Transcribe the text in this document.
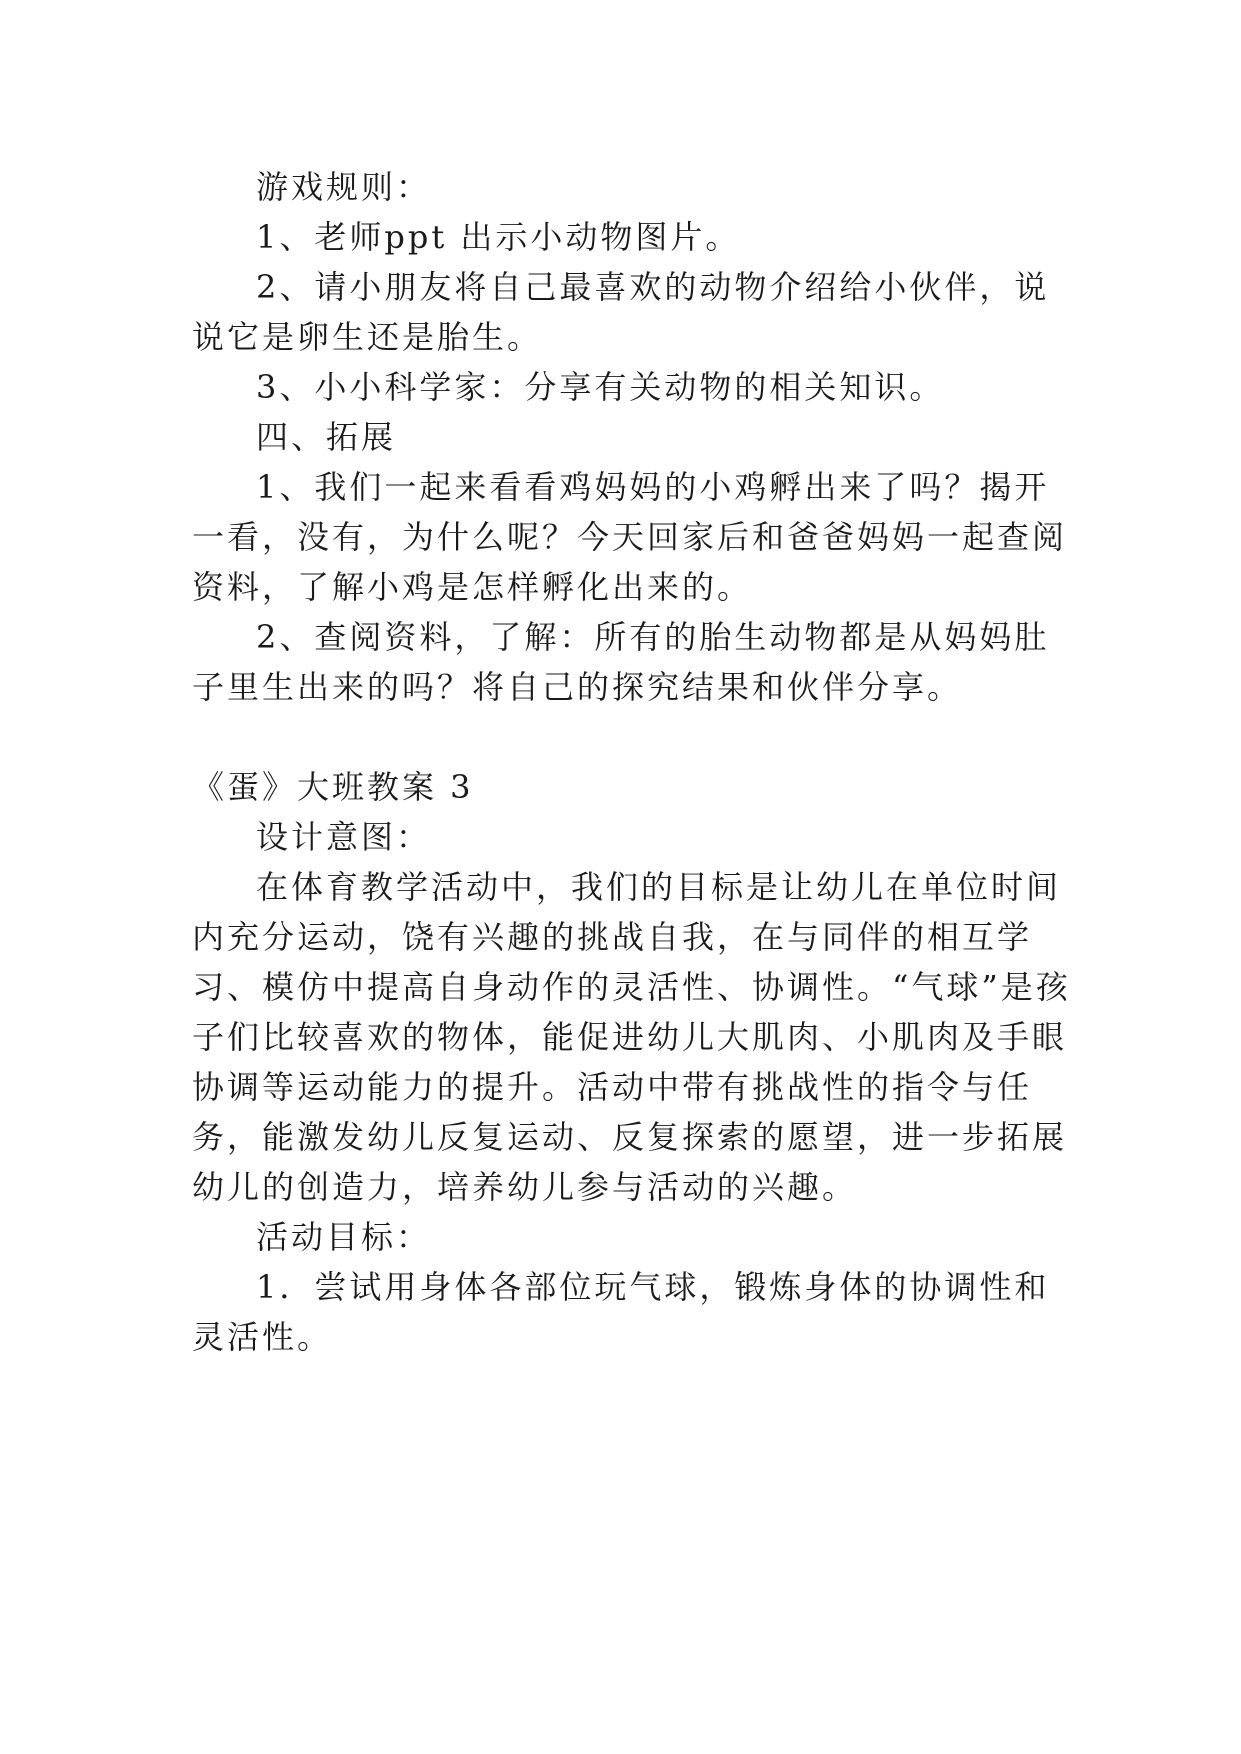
游戏规则：

1、老师ppt 出示小动物图片。

2、请小朋友将自己最喜欢的动物介绍给小伙伴，说说它是卵生还是胎生。

3、小小科学家：分享有关动物的相关知识。

四、拓展

1、我们一起来看看鸡妈妈的小鸡孵出来了吗？揭开一看，没有，为什么呢？今天回家后和爸爸妈妈一起查阅资料，了解小鸡是怎样孵化出来的。

2、查阅资料，了解：所有的胎生动物都是从妈妈肚子里生出来的吗？将自己的探究结果和伙伴分享。

《蛋》大班教案 3

设计意图：

在体育教学活动中，我们的目标是让幼儿在单位时间内充分运动，饶有兴趣的挑战自我，在与同伴的相互学习、模仿中提高自身动作的灵活性、协调性。“气球”是孩子们比较喜欢的物体，能促进幼儿大肌肉、小肌肉及手眼协调等运动能力的提升。活动中带有挑战性的指令与任务，能激发幼儿反复运动、反复探索的愿望，进一步拓展幼儿的创造力，培养幼儿参与活动的兴趣。

活动目标：

1．尝试用身体各部位玩气球，锻炼身体的协调性和灵活性。
